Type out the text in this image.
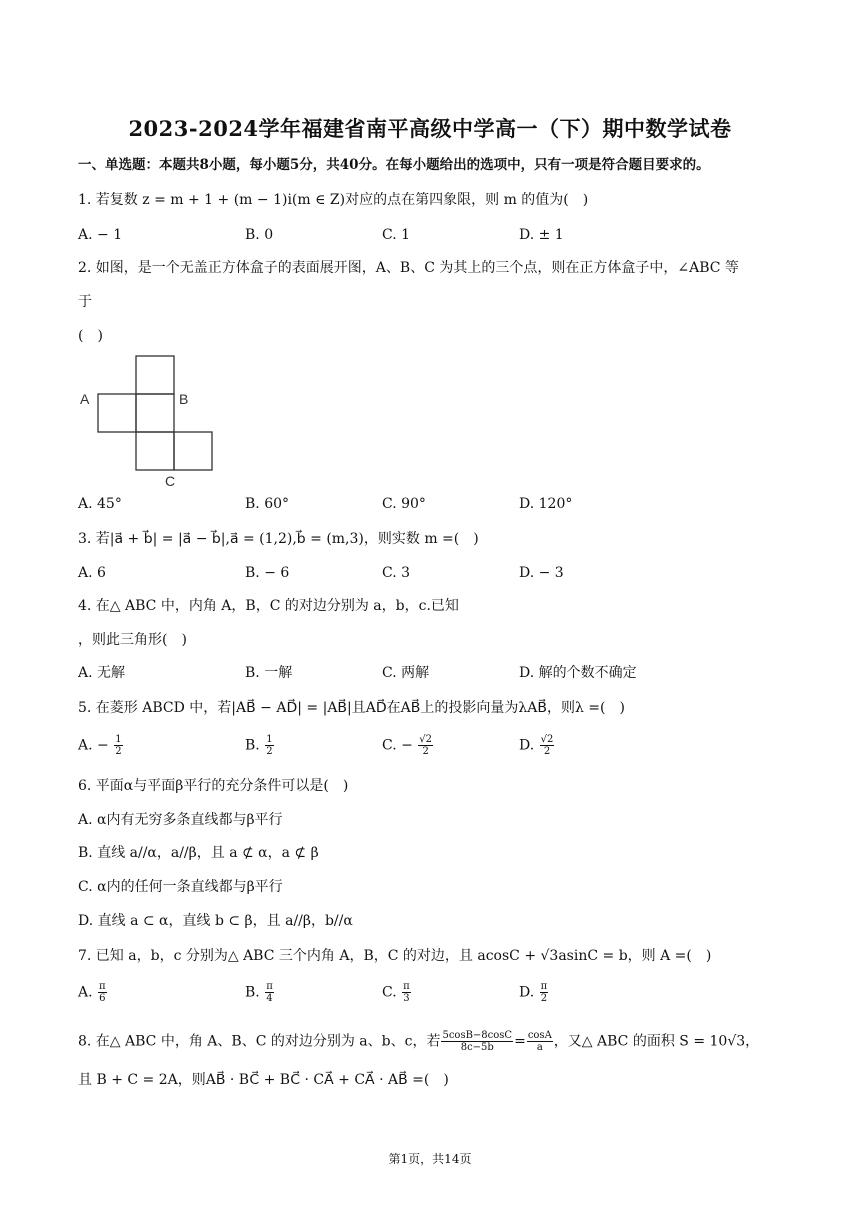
2023-2024学年福建省南平高级中学高一（下）期中数学试卷
一、单选题：本题共8小题，每小题5分，共40分。在每小题给出的选项中，只有一项是符合题目要求的。
1. 若复数 z = m + 1 + (m − 1)i(m ∈ Z)对应的点在第四象限，则 m 的值为(　)
A. − 1	B. 0	C. 1	D. ± 1
2. 如图，是一个无盖正方体盒子的表面展开图，A、B、C 为其上的三个点，则在正方体盒子中，∠ABC 等
于
(　)
A	B
C
A. 45°	B. 60°	C. 90°	D. 120°
3. 若|a⃗ + b⃗| = |a⃗ − b⃗|,a⃗ = (1,2),b⃗ = (m,3)，则实数 m =(　)
A. 6	B. − 6	C. 3	D. − 3
4. 在△ ABC 中，内角 A，B，C 的对边分别为 a，b，c.已知
，则此三角形(　)
A. 无解	B. 一解	C. 两解	D. 解的个数不确定
5. 在菱形 ABCD 中，若|AB⃗ − AD⃗| = |AB⃗|且AD⃗在AB⃗上的投影向量为λAB⃗，则λ =(　)
A. − $\frac{1}{2}$	B. $\frac{1}{2}$	C. − $\frac{√2}{2}$	D. $\frac{√2}{2}$
6. 平面α与平面β平行的充分条件可以是(　)
A. α内有无穷多条直线都与β平行
B. 直线 a//α，a//β，且 a ⊄ α，a ⊄ β
C. α内的任何一条直线都与β平行
D. 直线 a ⊂ α，直线 b ⊂ β，且 a//β，b//α
7. 已知 a，b，c 分别为△ ABC 三个内角 A，B，C 的对边，且 acosC + √3asinC = b，则 A =(　)
A. $\frac{\pi}{6}$	B. $\frac{\pi}{4}$	C. $\frac{\pi}{3}$	D. $\frac{\pi}{2}$
8. 在△ ABC 中，角 A、B、C 的对边分别为 a、b、c，若 $\frac{5\cos B-8\cos C}{8c-5b} = \frac{\cos A}{a}$ ，又△ ABC 的面积 S = 10√3，
且 B + C = 2A，则AB⃗ · BC⃗ + BC⃗ · CA⃗ + CA⃗ · AB⃗ =(　)
第1页，共14页
